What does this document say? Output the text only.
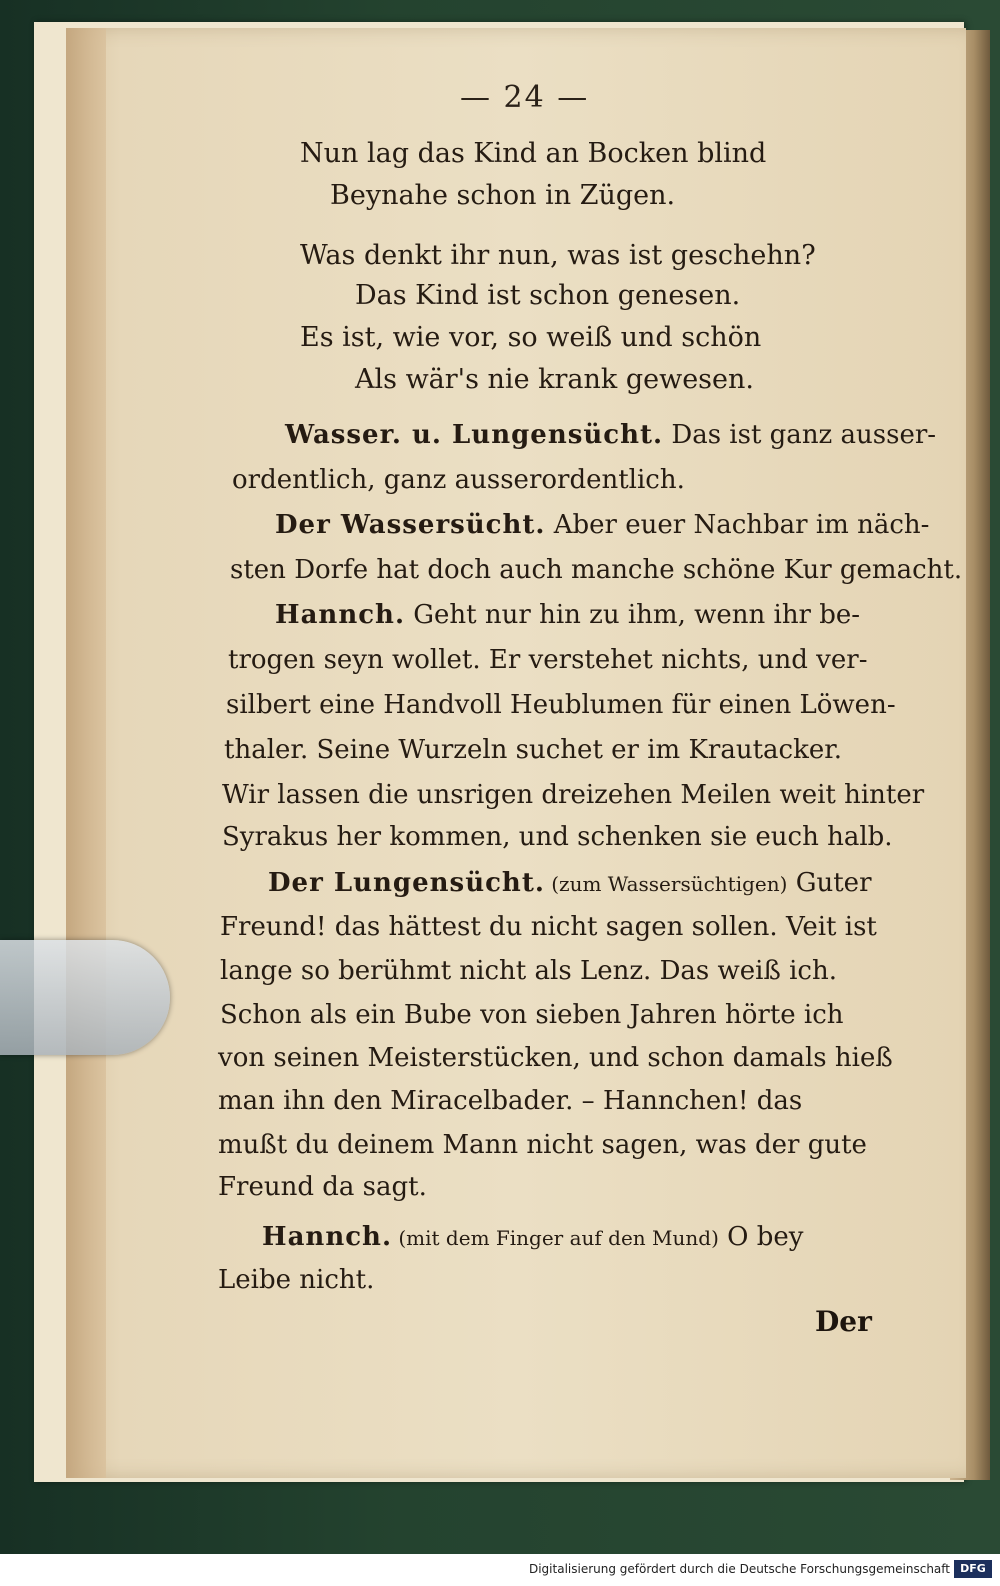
— 24 —
Nun lag das Kind an Bocken blind
Beynahe schon in Zügen.
Was denkt ihr nun, was ist geschehn?
Das Kind ist schon genesen.
Es ist, wie vor, so weiß und schön
Als wär's nie krank gewesen.
Wasser. u. Lungensücht. Das ist ganz ausser-
ordentlich, ganz ausserordentlich.
Der Wassersücht. Aber euer Nachbar im näch-
sten Dorfe hat doch auch manche schöne Kur gemacht.
Hannch. Geht nur hin zu ihm, wenn ihr be-
trogen seyn wollet. Er verstehet nichts, und ver-
silbert eine Handvoll Heublumen für einen Löwen-
thaler. Seine Wurzeln suchet er im Krautacker.
Wir lassen die unsrigen dreizehen Meilen weit hinter
Syrakus her kommen, und schenken sie euch halb.
Der Lungensücht. (zum Wassersüchtigen) Guter
Freund! das hättest du nicht sagen sollen. Veit ist
lange so berühmt nicht als Lenz. Das weiß ich.
Schon als ein Bube von sieben Jahren hörte ich
von seinen Meisterstücken, und schon damals hieß
man ihn den Miracelbader. – Hannchen! das
mußt du deinem Mann nicht sagen, was der gute
Freund da sagt.
Hannch. (mit dem Finger auf den Mund) O bey
Leibe nicht.
Der
Digitalisierung gefördert durch die Deutsche Forschungsgemeinschaft DFG
